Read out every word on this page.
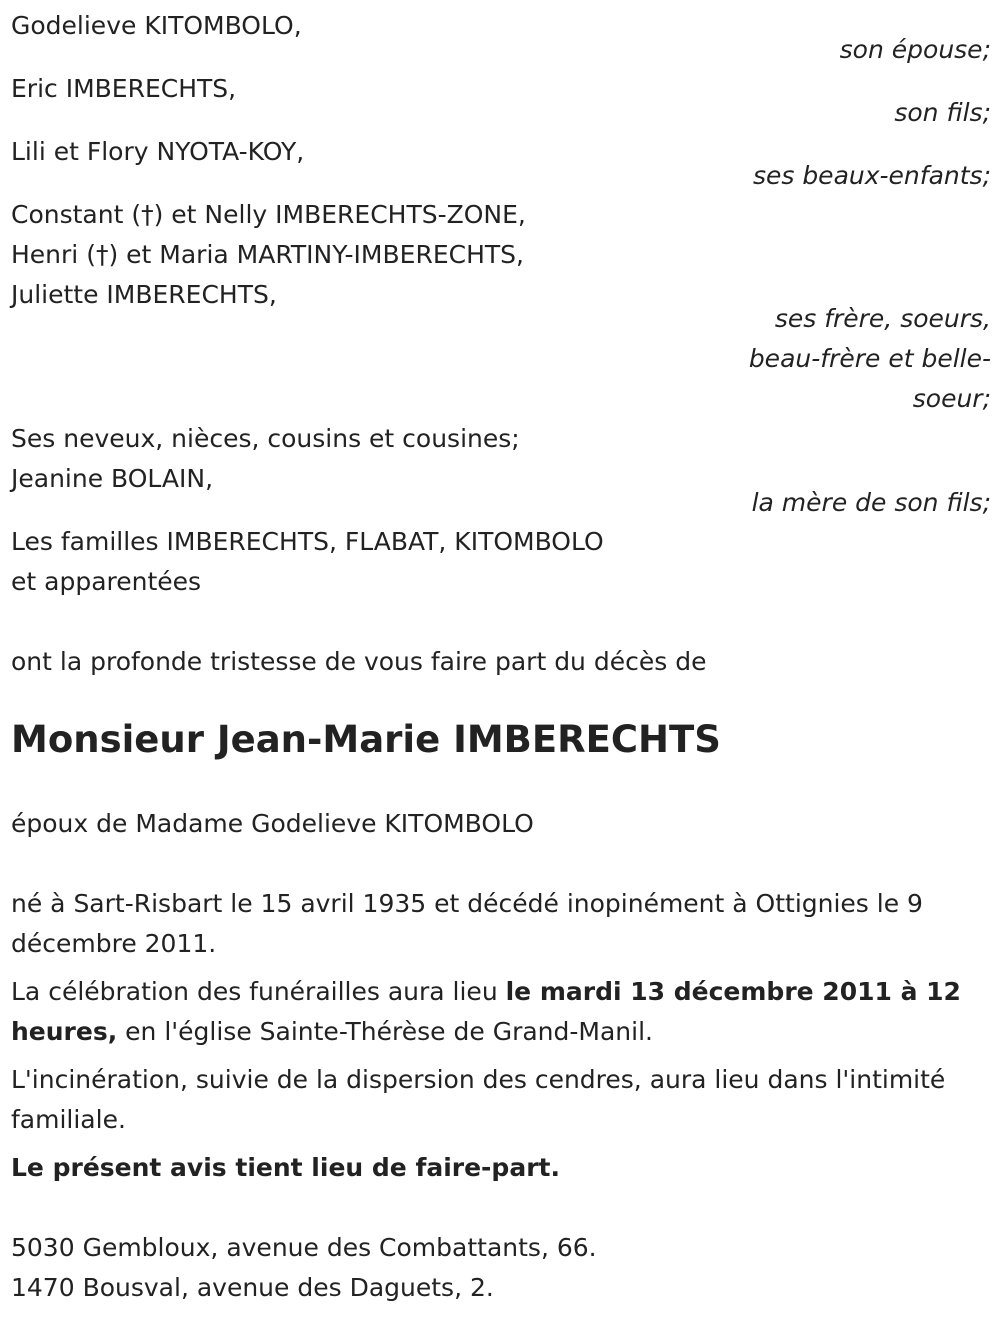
Godelieve KITOMBOLO,
son épouse;
Eric IMBERECHTS,
son fils;
Lili et Flory NYOTA-KOY,
ses beaux-enfants;
Constant (†) et Nelly IMBERECHTS-ZONE,
Henri (†) et Maria MARTINY-IMBERECHTS,
Juliette IMBERECHTS,
ses frère, soeurs,
beau-frère et belle-
soeur;
Ses neveux, nièces, cousins et cousines;
Jeanine BOLAIN,
la mère de son fils;
Les familles IMBERECHTS, FLABAT, KITOMBOLO
et apparentées
ont la profonde tristesse de vous faire part du décès de
Monsieur Jean-Marie IMBERECHTS
époux de Madame Godelieve KITOMBOLO
né à Sart-Risbart le 15 avril 1935 et décédé inopinément à Ottignies le 9 décembre 2011.
La célébration des funérailles aura lieu le mardi 13 décembre 2011 à 12 heures, en l'église Sainte-Thérèse de Grand-Manil.
L'incinération, suivie de la dispersion des cendres, aura lieu dans l'intimité familiale.
Le présent avis tient lieu de faire-part.
5030 Gembloux, avenue des Combattants, 66.
1470 Bousval, avenue des Daguets, 2.
